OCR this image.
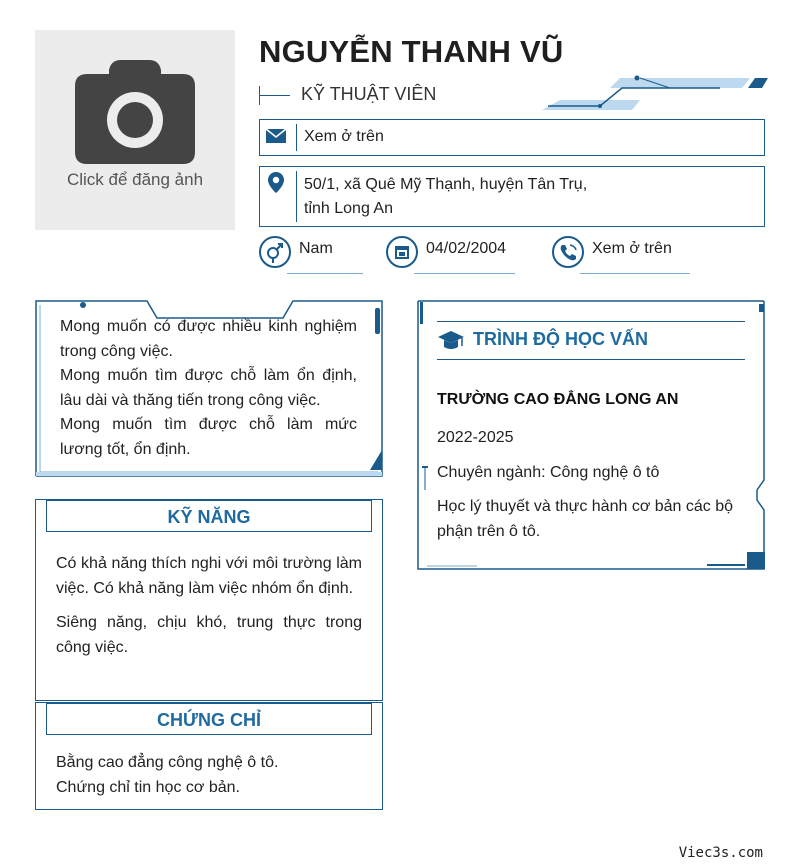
Click để đăng ảnh
NGUYỄN THANH VŨ
KỸ THUẬT VIÊN
Xem ở trên
50/1, xã Quê Mỹ Thạnh, huyện Tân Trụ,
tỉnh Long An
Nam	04/02/2004	Xem ở trên
Mong muốn có được nhiều kinh nghiệm trong công việc.
Mong muốn tìm được chỗ làm ổn định, lâu dài và thăng tiến trong công việc.
Mong muốn tìm được chỗ làm mức lương tốt, ổn định.
KỸ NĂNG

Có khả năng thích nghi với môi trường làm việc. Có khả năng làm việc nhóm ổn định.

Siêng năng, chịu khó, trung thực trong công việc.

CHỨNG CHỈ
Bằng cao đẳng công nghệ ô tô.
Chứng chỉ tin học cơ bản.
TRÌNH ĐỘ HỌC VẤN
TRƯỜNG CAO ĐẲNG LONG AN
2022-2025
Chuyên ngành: Công nghệ ô tô
Học lý thuyết và thực hành cơ bản các bộ phận trên ô tô.
Viec3s.com
